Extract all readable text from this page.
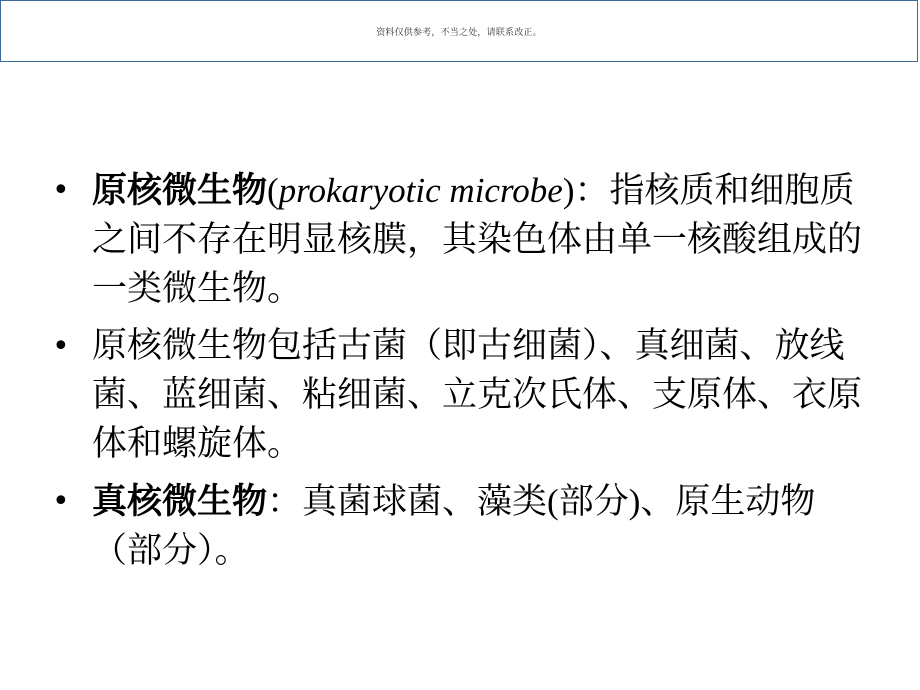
资料仅供参考，不当之处，请联系改正。
• 原核微生物(prokaryotic microbe)：指核质和细胞质之间不存在明显核膜，其染色体由单一核酸组成的一类微生物。
• 原核微生物包括古菌（即古细菌）、真细菌、放线菌、蓝细菌、粘细菌、立克次氏体、支原体、衣原体和螺旋体。
• 真核微生物：真菌球菌、藻类(部分)、原生动物（部分）。
